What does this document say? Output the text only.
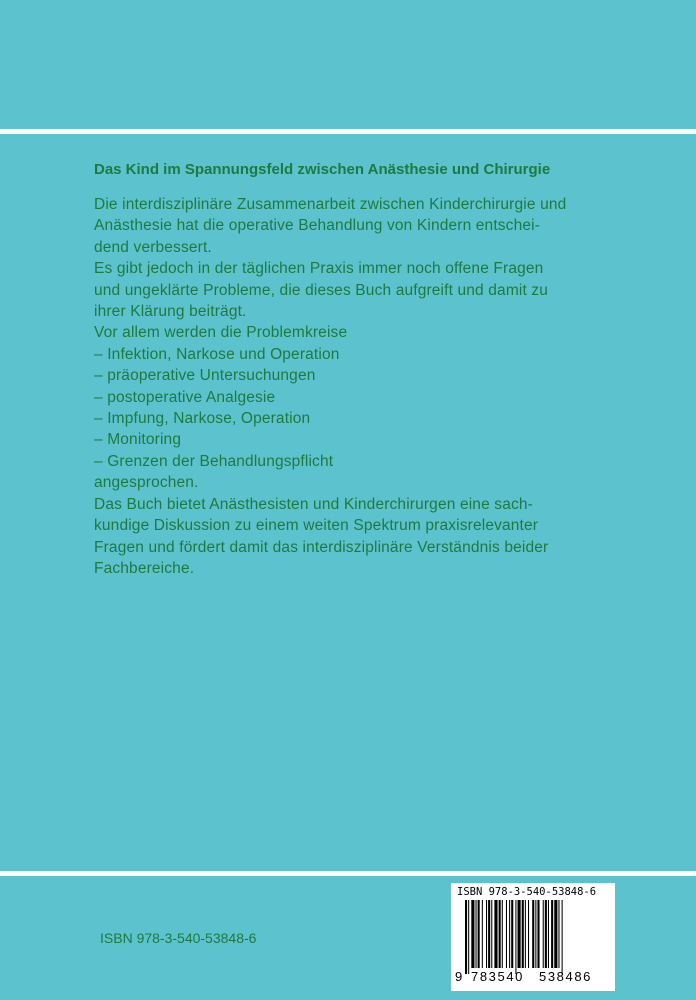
Das Kind im Spannungsfeld zwischen Anästhesie und Chirurgie
Die interdisziplinäre Zusammenarbeit zwischen Kinderchirurgie und
Anästhesie hat die operative Behandlung von Kindern entschei-
dend verbessert.
Es gibt jedoch in der täglichen Praxis immer noch offene Fragen
und ungeklärte Probleme, die dieses Buch aufgreift und damit zu
ihrer Klärung beiträgt.
Vor allem werden die Problemkreise
– Infektion, Narkose und Operation
– präoperative Untersuchungen
– postoperative Analgesie
– Impfung, Narkose, Operation
– Monitoring
– Grenzen der Behandlungspflicht
angesprochen.
Das Buch bietet Anästhesisten und Kinderchirurgen eine sach-
kundige Diskussion zu einem weiten Spektrum praxisrelevanter
Fragen und fördert damit das interdisziplinäre Verständnis beider
Fachbereiche.
ISBN 978-3-540-53848-6
ISBN 978-3-540-53848-6
9 783540 538486
